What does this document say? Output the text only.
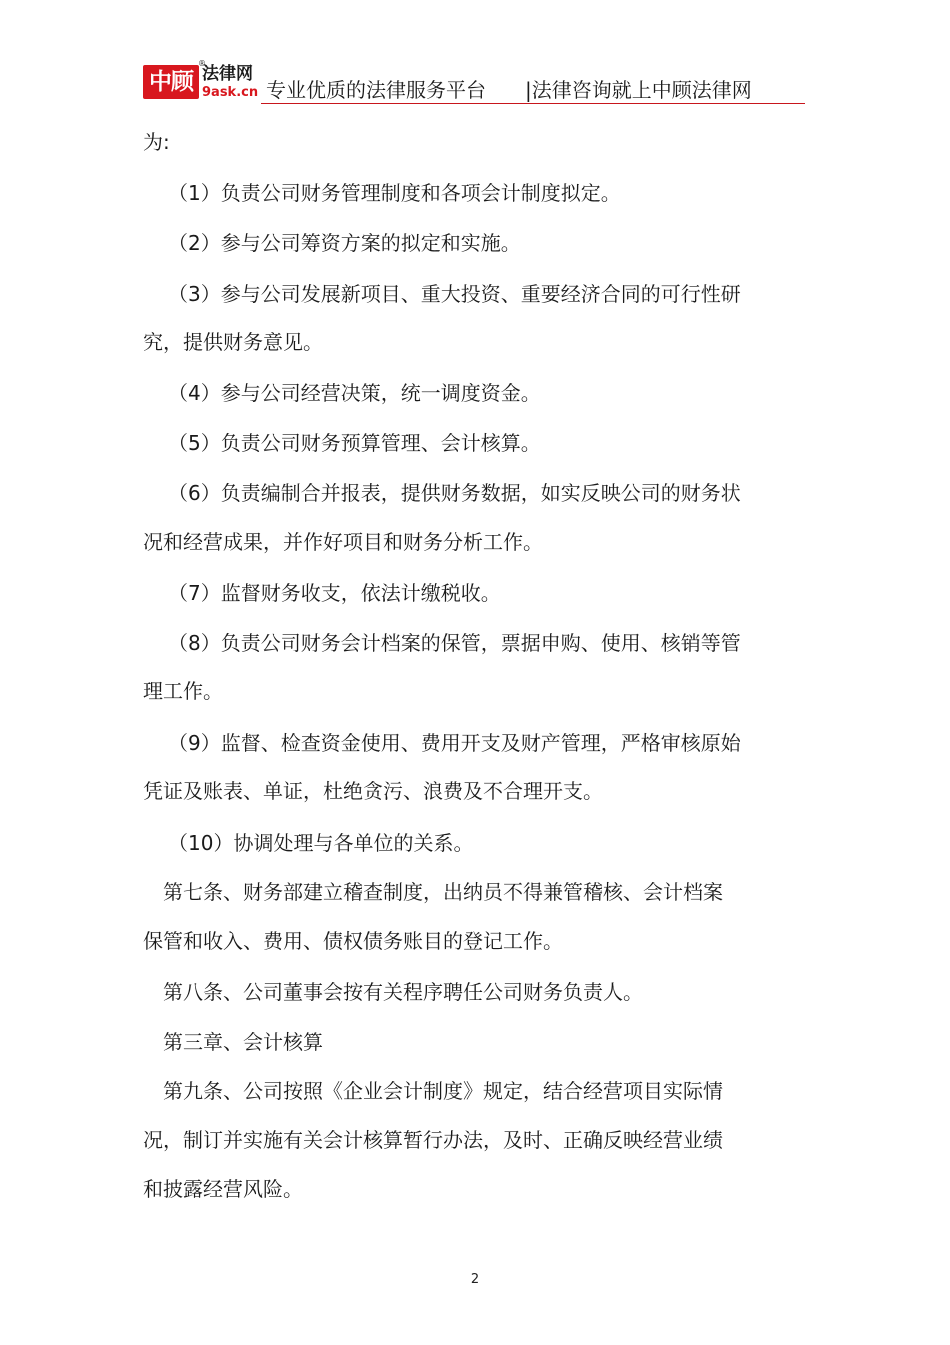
中顾 法律网
®
9ask.cn 专业优质的法律服务平台 |法律咨询就上中顾法律网
为:
（1）负责公司财务管理制度和各项会计制度拟定。
（2）参与公司筹资方案的拟定和实施。
（3）参与公司发展新项目、重大投资、重要经济合同的可行性研
究，提供财务意见。
（4）参与公司经营决策，统一调度资金。
（5）负责公司财务预算管理、会计核算。
（6）负责编制合并报表，提供财务数据，如实反映公司的财务状
况和经营成果，并作好项目和财务分析工作。
（7）监督财务收支，依法计缴税收。
（8）负责公司财务会计档案的保管，票据申购、使用、核销等管
理工作。
（9）监督、检查资金使用、费用开支及财产管理，严格审核原始
凭证及账表、单证，杜绝贪污、浪费及不合理开支。
（10）协调处理与各单位的关系。
第七条、财务部建立稽查制度，出纳员不得兼管稽核、会计档案
保管和收入、费用、债权债务账目的登记工作。
第八条、公司董事会按有关程序聘任公司财务负责人。
第三章、会计核算
第九条、公司按照《企业会计制度》规定，结合经营项目实际情
况，制订并实施有关会计核算暂行办法，及时、正确反映经营业绩
和披露经营风险。
2
